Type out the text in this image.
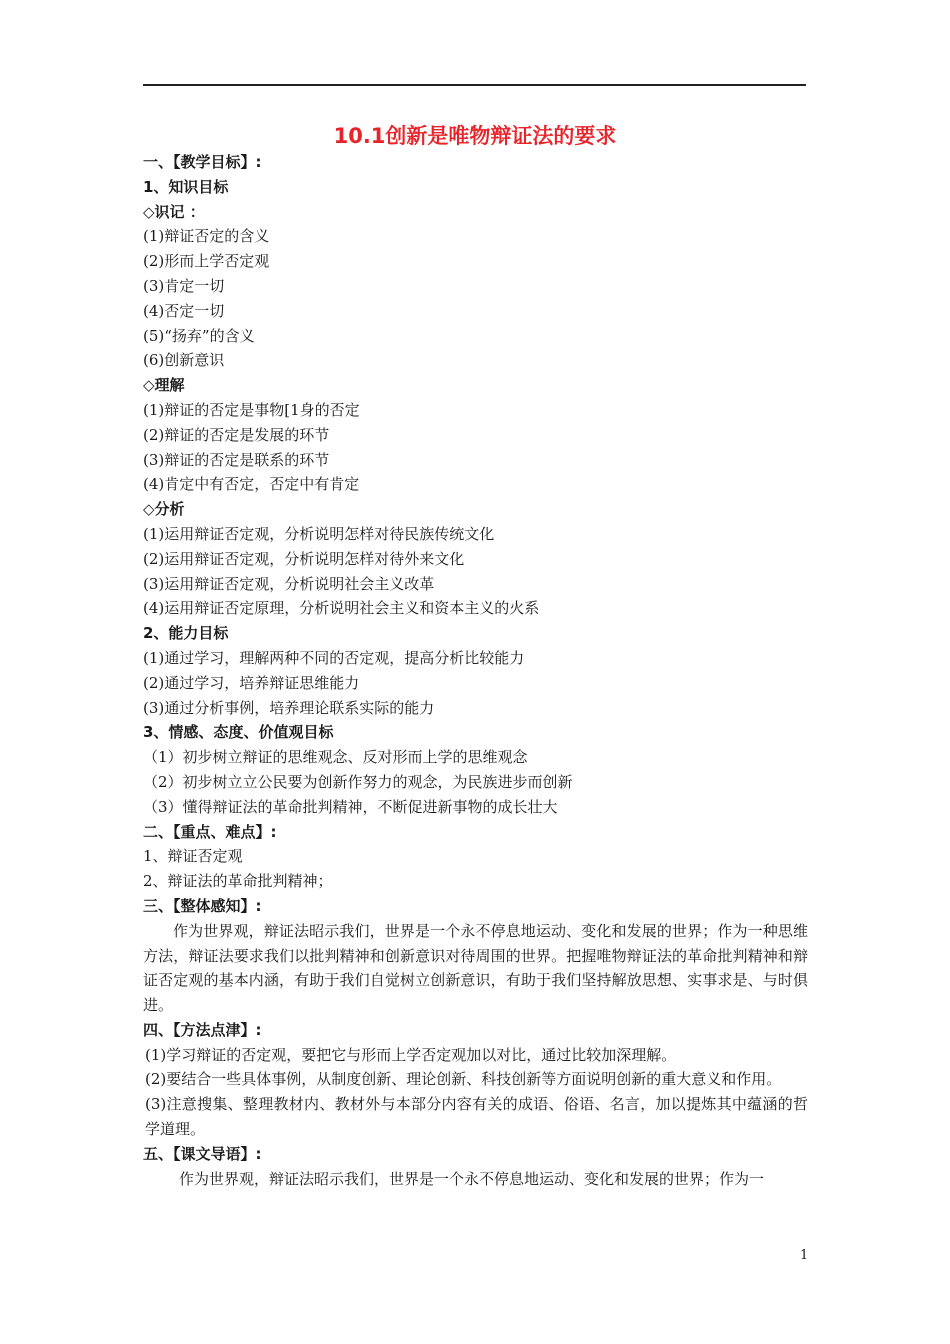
10.1创新是唯物辩证法的要求
一、【教学目标】:
1、知识目标
◇识记 ：
(1)辩证否定的含义
(2)形而上学否定观
(3)肯定一切
(4)否定一切
(5)“扬弃”的含义
(6)创新意识
◇理解
(1)辩证的否定是事物[1身的否定
(2)辩证的否定是发展的环节
(3)辩证的否定是联系的环节
(4)肯定中有否定，否定中有肯定
◇分析
(1)运用辩证否定观，分析说明怎样对待民族传统文化
(2)运用辩证否定观，分析说明怎样对待外来文化
(3)运用辩证否定观，分析说明社会主义改革
(4)运用辩证否定原理，分析说明社会主义和资本主义的火系
2、能力目标
(1)通过学习，理解两种不同的否定观，提高分析比较能力
(2)通过学习，培养辩证思维能力
(3)通过分析事例，培养理论联系实际的能力
3、情感、态度、价值观目标
（1）初步树立辩证的思维观念、反对形而上学的思维观念
（2）初步树立立公民要为创新作努力的观念，为民族进步而创新
（3）懂得辩证法的革命批判精神，不断促进新事物的成长壮大
二、【重点、难点】:
1、辩证否定观
2、辩证法的革命批判精神；
三、【整体感知】:

作为世界观，辩证法昭示我们，世界是一个永不停息地运动、变化和发展的世界；作为一种思维方法，辩证法要求我们以批判精神和创新意识对待周围的世界。把握唯物辩证法的革命批判精神和辩证否定观的基本内涵，有助于我们自觉树立创新意识，有助于我们坚持解放思想、实事求是、与时俱进。

四、【方法点津】:

(1)学习辩证的否定观，要把它与形而上学否定观加以对比，通过比较加深理解。

(2)要结合一些具体事例，从制度创新、理论创新、科技创新等方面说明创新的重大意义和作用。

(3)注意搜集、整理教材内、教材外与本部分内容有关的成语、俗语、名言，加以提炼其中蕴涵的哲学道理。

五、【课文导语】:
作为世界观，辩证法昭示我们，世界是一个永不停息地运动、变化和发展的世界；作为一
1
